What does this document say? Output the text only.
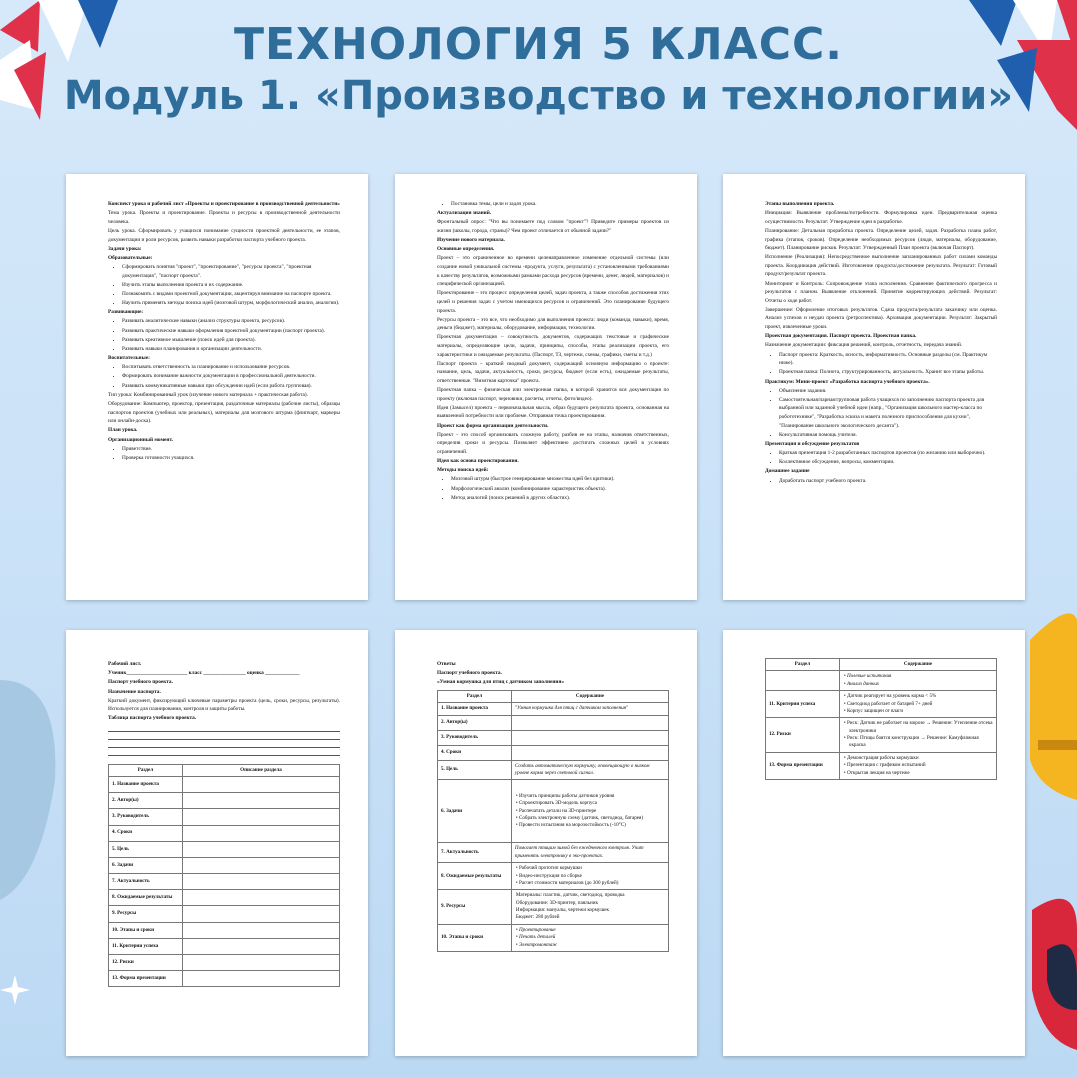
ТЕХНОЛОГИЯ 5 КЛАСС.
Модуль 1. «Производство и технологии»

Конспект урока и рабочий лист «Проекты и проектирование в производственной деятельности»

Тема урока. Проекты и проектирование. Проекты и ресурсы в производственной деятельности человека.

Цель урока. Сформировать у учащихся понимание сущности проектной деятельности, ее этапов, документации и роли ресурсов, развить навыки разработки паспорта учебного проекта.

Задачи урока:

Образовательные:

• Сформировать понятия "проект", "проектирование", "ресурсы проекта", "проектная документация", "паспорт проекта".
• Изучить этапы выполнения проекта и их содержание.
• Познакомить с видами проектной документации, акцентируя внимание на паспорте проекта.
• Научить применять методы поиска идей (мозговой штурм, морфологический анализ, аналогии).

Развивающие:

• Развивать аналитические навыки (анализ структуры проекта, ресурсов).
• Развивать практические навыки оформления проектной документации (паспорт проекта).
• Развивать креативное мышление (поиск идей для проекта).
• Развивать навыки планирования и организации деятельности.

Воспитательные:

• Воспитывать ответственность за планирование и использование ресурсов.
• Формировать понимание важности документации в профессиональной деятельности.
• Развивать коммуникативные навыки при обсуждении идей (если работа групповая).

Тип урока: Комбинированный урок (изучение нового материала + практическая работа).

Оборудование: Компьютер, проектор, презентация, раздаточные материалы (рабочие листы), образцы паспортов проектов (учебных или реальных), материалы для мозгового штурма (флипчарт, маркеры или онлайн-доска).

План урока.

Организационный момент.

• Приветствие.
• Проверка готовности учащихся.
• Постановка темы, цели и задач урока.

Актуализация знаний.

Фронтальный опрос: "Что вы понимаете под словом "проект"? Приведите примеры проектов из жизни (школы, города, страны)? Чем проект отличается от обычной задачи?"

Изучение нового материала.

Основные определения.

Проект – это ограниченное во времени целенаправленное изменение отдельной системы (или создание новой уникальной системы -продукта, услуги, результата) с установленными требованиями к качеству результатов, возможными рамками расхода ресурсов (времени, денег, людей, материалов) и специфической организацией.

Проектирование – это процесс определения целей, задач проекта, а также способов достижения этих целей и решения задач с учетом имеющихся ресурсов и ограничений. Это планирование будущего проекта.

Ресурсы проекта – это все, что необходимо для выполнения проекта: люди (команда, навыки), время, деньги (бюджет), материалы, оборудование, информация, технологии.

Проектная документация – совокупность документов, содержащих текстовые и графические материалы, определяющие цели, задачи, принципы, способы, этапы реализации проекта, его характеристики и ожидаемые результаты. (Паспорт, ТЗ, чертежи, схемы, графики, сметы и т.д.)

Паспорт проекта – краткий сводный документ, содержащий основную информацию о проекте: название, цель, задачи, актуальность, сроки, ресурсы, бюджет (если есть), ожидаемые результаты, ответственные. "Визитная карточка" проекта.

Проектная папка – физическая или электронная папка, в которой хранится вся документация по проекту (включая паспорт, черновики, расчеты, отчеты, фото/видео).

Идея (Замысел) проекта – первоначальная мысль, образ будущего результата проекта, основанная на выявленной потребности или проблеме. Отправная точка проектирования.

Проект как форма организации деятельности.

Проект – это способ организовать сложную работу, разбив ее на этапы, назначив ответственных, определив сроки и ресурсы. Позволяет эффективно достигать сложных целей в условиях ограничений.

Идея как основа проектирования.

Методы поиска идей:

• Мозговой штурм (быстрое генерирование множества идей без критики).
• Морфологический анализ (комбинирование характеристик объекта).
• Метод аналогий (поиск решений в других областях).

Этапы выполнения проекта.

Инициация: Выявление проблемы/потребности. Формулировка идеи. Предварительная оценка осуществимости. Результат: Утверждение идеи в разработке.

Планирование: Детальная проработка проекта. Определение целей, задач. Разработка плана работ, графика (этапов, сроков). Определение необходимых ресурсов (люди, материалы, оборудование, бюджет). Планирование рисков. Результат: Утвержденный План проекта (включая Паспорт).

Исполнение (Реализация): Непосредственное выполнение запланированных работ силами команды проекта. Координация действий. Изготовление продукта/достижение результата. Результат: Готовый продукт/результат проекта.

Мониторинг и Контроль: Сопровождение этапа исполнения. Сравнение фактического прогресса и результатов с планом. Выявление отклонений. Принятие корректирующих действий. Результат: Отчеты о ходе работ.

Завершение: Оформление итоговых результатов. Сдача продукта/результата заказчику или оценка. Анализ успехов и неудач проекта (ретроспектива). Архивация документации. Результат: Закрытый проект, извлеченные уроки.

Проектная документация. Паспорт проекта. Проектная папка.

Назначение документации: фиксация решений, контроль, отчетность, передача знаний.

• Паспорт проекта: Краткость, ясность, информативность. Основные разделы (см. Практикум ниже).
• Проектная папка: Полнота, структурированность, актуальность. Хранит все этапы работы.

Практикум: Мини-проект «Разработка паспорта учебного проекта».

• Объяснение задания.
• Самостоятельная/парная/групповая работа учащихся по заполнению паспорта проекта для выбранной или заданной учебной идеи (напр., "Организация школьного мастер-класса по робототехнике", "Разработка эскиза и макета полезного приспособления для кухни", "Планирование школьного экологического десанта").
• Консультативная помощь учителя.

Презентация и обсуждение результатов

• Краткая презентация 1-2 разработанных паспортов проектов (по желанию или выборочно).
• Коллективное обсуждение, вопросы, комментарии.

Домашнее задание

• Доработать паспорт учебного проекта.

Рабочий лист.

Ученик_______________________ класс ________________ оценка _____________

Паспорт учебного проекта.

Назначение паспорта.

Краткий документ, фиксирующий ключевые параметры проекта (цель, сроки, ресурсы, результаты). Используется для планирования, контроля и защиты работы.

Таблица паспорта учебного проекта.

Раздел	Описание раздела
1. Название проекта	
2. Автор(ы)	
3. Руководитель	
4. Сроки	
5. Цель	
6. Задачи	
7. Актуальность	
8. Ожидаемые результаты	
9. Ресурсы	
10. Этапы и сроки	
11. Критерии успеха	
12. Риски	
13. Форма презентации	

Ответы

Паспорт учебного проекта.

«Умная кормушка для птиц с датчиком заполнения»

Раздел	Содержание
1. Название проекта	"Умная кормушка для птиц с датчиком заполнения"

2. Автор(ы)	

3. Руководитель	

4. Сроки	

5. Цель	Создать автоматическую кормушку, оповещающую о низком уровне корма через световой сигнал.

6. Задачи	• Изучить принципы работы датчиков уровня
• Спроектировать 3D-модель корпуса
• Распечатать детали на 3D-принтере
• Собрать электронную схему (датчик, светодиод, батарея)
• Провести испытания на морозостойкость (-10°С)

7. Актуальность	Помогает птицам зимой без ежедневного контроля. Учит применять электронику в эко-проектах.

8. Ожидаемые результаты	• Рабочий прототип кормушки
• Видео-инструкция по сборке
• Расчет стоимости материалов (до 300 рублей)

9. Ресурсы	Материалы: пластик, датчик, светодиод, проводка
Оборудование: 3D-принтер, паяльник
Информация: мануалы, чертежи кормушек
Бюджет: 280 рублей

10. Этапы и сроки	• Проектирование
• Печать деталей
• Электромонтаж
Раздел	Содержание

	• Полевые испытания
• Анализ данных

11. Критерии успеха	• Датчик реагирует на уровень корма < 5%
• Светодиод работает от батарей 7+ дней
• Корпус защищен от влаги

12. Риски	• Риск: Датчик не работает на морозе → Решение: Утепление отсека электроники
• Риск: Птицы боятся конструкции → Решение: Камуфляжная окраска

13. Форма презентации	• Демонстрация работы кормушки
• Презентация с графиком испытаний
• Открытая лекция на чертеже
